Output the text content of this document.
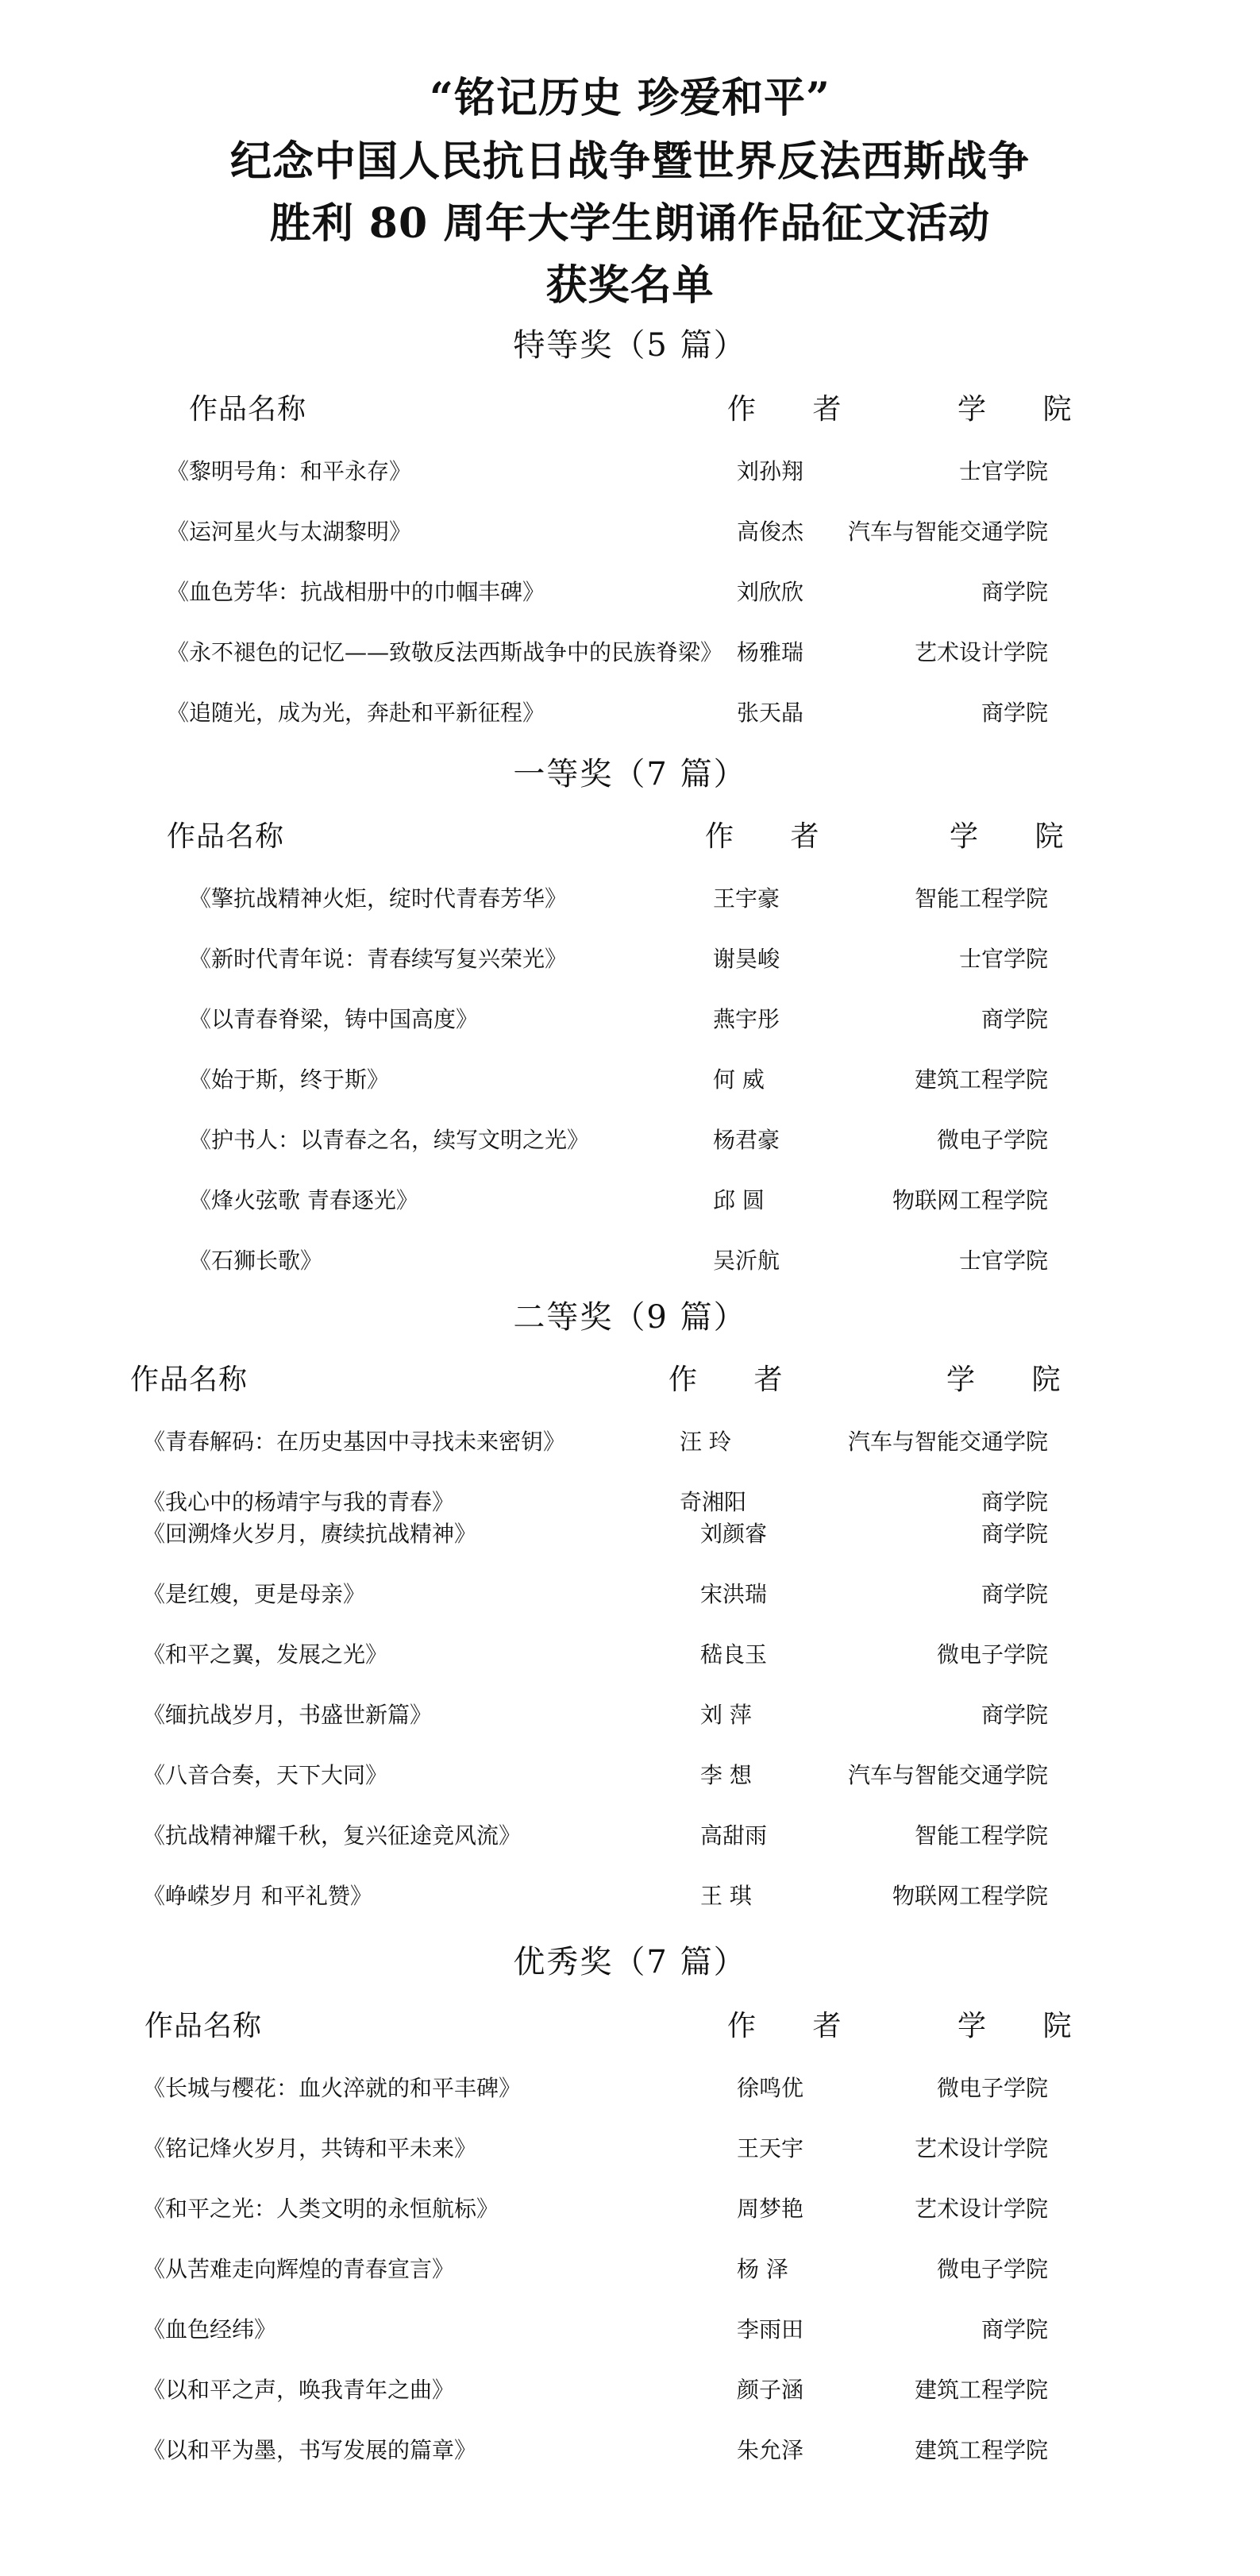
“铭记历史 珍爱和平”
纪念中国人民抗日战争暨世界反法西斯战争
胜利 80 周年大学生朗诵作品征文活动
获奖名单
特等奖（5 篇）
作品名称	作 者	学 院
《黎明号角：和平永存》	刘孙翔	士官学院
《运河星火与太湖黎明》	高俊杰 汽车与智能交通学院
《血色芳华：抗战相册中的巾帼丰碑》	刘欣欣	商学院
《永不褪色的记忆——致敬反法西斯战争中的民族脊梁》 杨雅瑞	艺术设计学院
《追随光，成为光，奔赴和平新征程》	张天晶	商学院
一等奖（7 篇）
作品名称	作 者	学 院
《擎抗战精神火炬，绽时代青春芳华》	王宇豪	智能工程学院
《新时代青年说：青春续写复兴荣光》	谢昊峻	士官学院
《以青春脊梁，铸中国高度》	燕宇彤	商学院
《始于斯，终于斯》	何 威	建筑工程学院
《护书人：以青春之名，续写文明之光》	杨君豪	微电子学院
《烽火弦歌 青春逐光》	邱 圆	物联网工程学院
《石狮长歌》	吴沂航	士官学院
二等奖（9 篇）
作品名称	作 者	学 院
《青春解码：在历史基因中寻找未来密钥》	汪 玲	汽车与智能交通学院
《我心中的杨靖宇与我的青春》	奇湘阳	商学院
《回溯烽火岁月，赓续抗战精神》	刘颜睿	商学院
《是红嫂，更是母亲》	宋洪瑞	商学院
《和平之翼，发展之光》	嵇良玉	微电子学院
《缅抗战岁月，书盛世新篇》	刘 萍	商学院
《八音合奏，天下大同》	李 想	汽车与智能交通学院
《抗战精神耀千秋，复兴征途竞风流》	高甜雨	智能工程学院
《峥嵘岁月 和平礼赞》	王 琪	物联网工程学院
优秀奖（7 篇）
作品名称	作 者	学 院
《长城与樱花：血火淬就的和平丰碑》	徐鸣优	微电子学院
《铭记烽火岁月，共铸和平未来》	王天宇	艺术设计学院
《和平之光：人类文明的永恒航标》	周梦艳	艺术设计学院
《从苦难走向辉煌的青春宣言》	杨 泽	微电子学院
《血色经纬》	李雨田	商学院
《以和平之声，唤我青年之曲》	颜子涵	建筑工程学院
《以和平为墨，书写发展的篇章》	朱允泽	建筑工程学院
